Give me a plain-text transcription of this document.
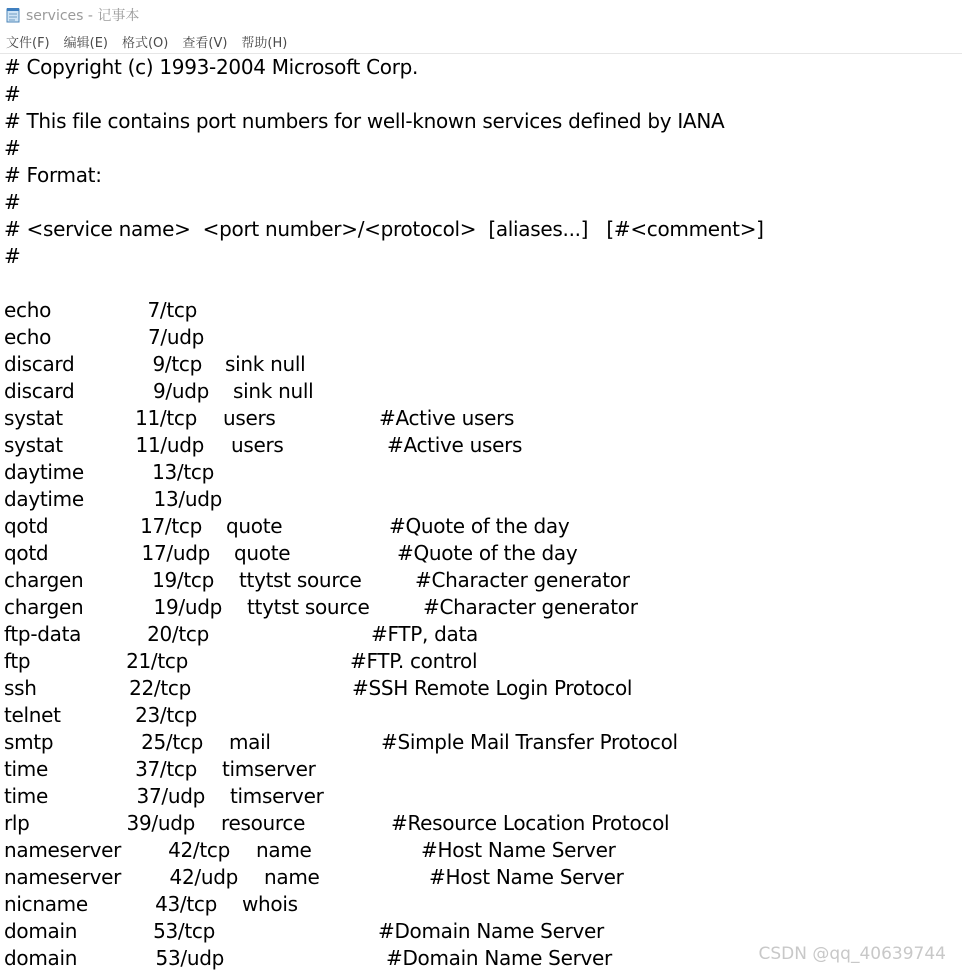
services - 记事本
文件(F)	编辑(E)	格式(O)	查看(V)	帮助(H)
# Copyright (c) 1993-2004 Microsoft Corp.
#
# This file contains port numbers for well-known services defined by IANA
#
# Format:
#
# <service name>  <port number>/<protocol>  [aliases...]   [#<comment>]
#
echo	7/tcp
echo	7/udp
discard	9/tcp sink null
discard	9/udp sink null
systat	11/tcp users	#Active users
systat	11/udp users	#Active users
daytime	13/tcp
daytime	13/udp
qotd	17/tcp quote	#Quote of the day
qotd	17/udp quote	#Quote of the day
chargen	19/tcp ttytst source	#Character generator
chargen	19/udp ttytst source	#Character generator
ftp-data	20/tcp	#FTP, data
ftp	21/tcp	#FTP. control
ssh	22/tcp	#SSH Remote Login Protocol
telnet	23/tcp
smtp	25/tcp mail	#Simple Mail Transfer Protocol
time	37/tcp timserver
time	37/udp timserver
rlp	39/udp resource	#Resource Location Protocol
nameserver 42/tcp name	#Host Name Server
nameserver 42/udp name	#Host Name Server
nicname	43/tcp whois
domain	53/tcp	#Domain Name Server
domain	53/udp	#Domain Name Server	CSDN @qq_40639744
